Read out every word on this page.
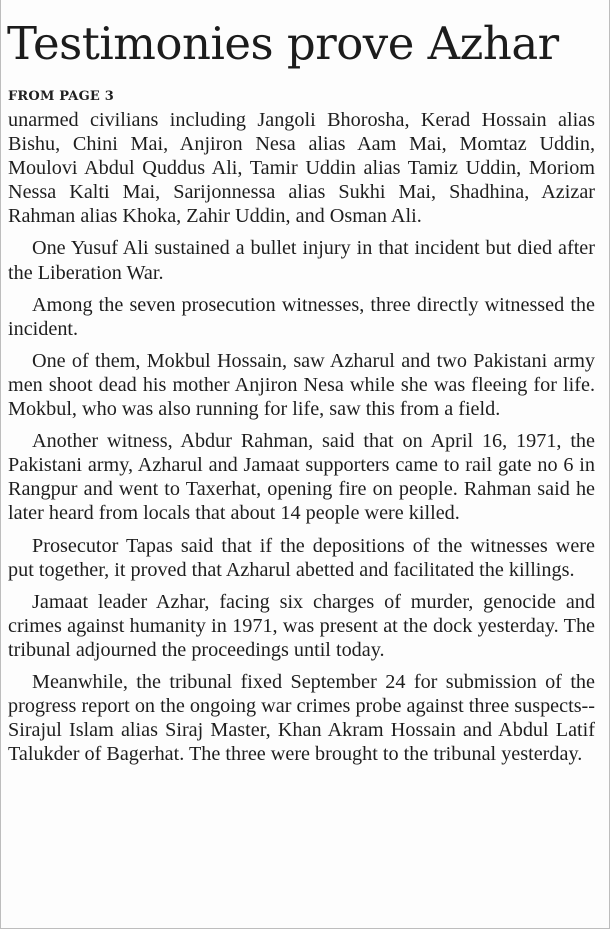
Testimonies prove Azhar
FROM PAGE 3

unarmed civilians including Jangoli Bhorosha, Kerad Hossain alias Bishu, Chini Mai, Anjiron Nesa alias Aam Mai, Momtaz Uddin, Moulovi Abdul Quddus Ali, Tamir Uddin alias Tamiz Uddin, Moriom Nessa Kalti Mai, Sarijonnessa alias Sukhi Mai, Shadhina, Azizar Rahman alias Khoka, Zahir Uddin, and Osman Ali.

One Yusuf Ali sustained a bullet injury in that incident but died after the Liberation War.

Among the seven prosecution witnesses, three directly witnessed the incident.

One of them, Mokbul Hossain, saw Azharul and two Pakistani army men shoot dead his mother Anjiron Nesa while she was fleeing for life. Mokbul, who was also running for life, saw this from a field.

Another witness, Abdur Rahman, said that on April 16, 1971, the Pakistani army, Azharul and Jamaat supporters came to rail gate no 6 in Rangpur and went to Taxerhat, opening fire on people. Rahman said he later heard from locals that about 14 people were killed.

Prosecutor Tapas said that if the depositions of the witnesses were put together, it proved that Azharul abetted and facilitated the killings.

Jamaat leader Azhar, facing six charges of murder, genocide and crimes against humanity in 1971, was present at the dock yesterday. The tribunal adjourned the proceedings until today.

Meanwhile, the tribunal fixed September 24 for submission of the progress report on the ongoing war crimes probe against three suspects--Sirajul Islam alias Siraj Master, Khan Akram Hossain and Abdul Latif Talukder of Bagerhat. The three were brought to the tribunal yesterday.
